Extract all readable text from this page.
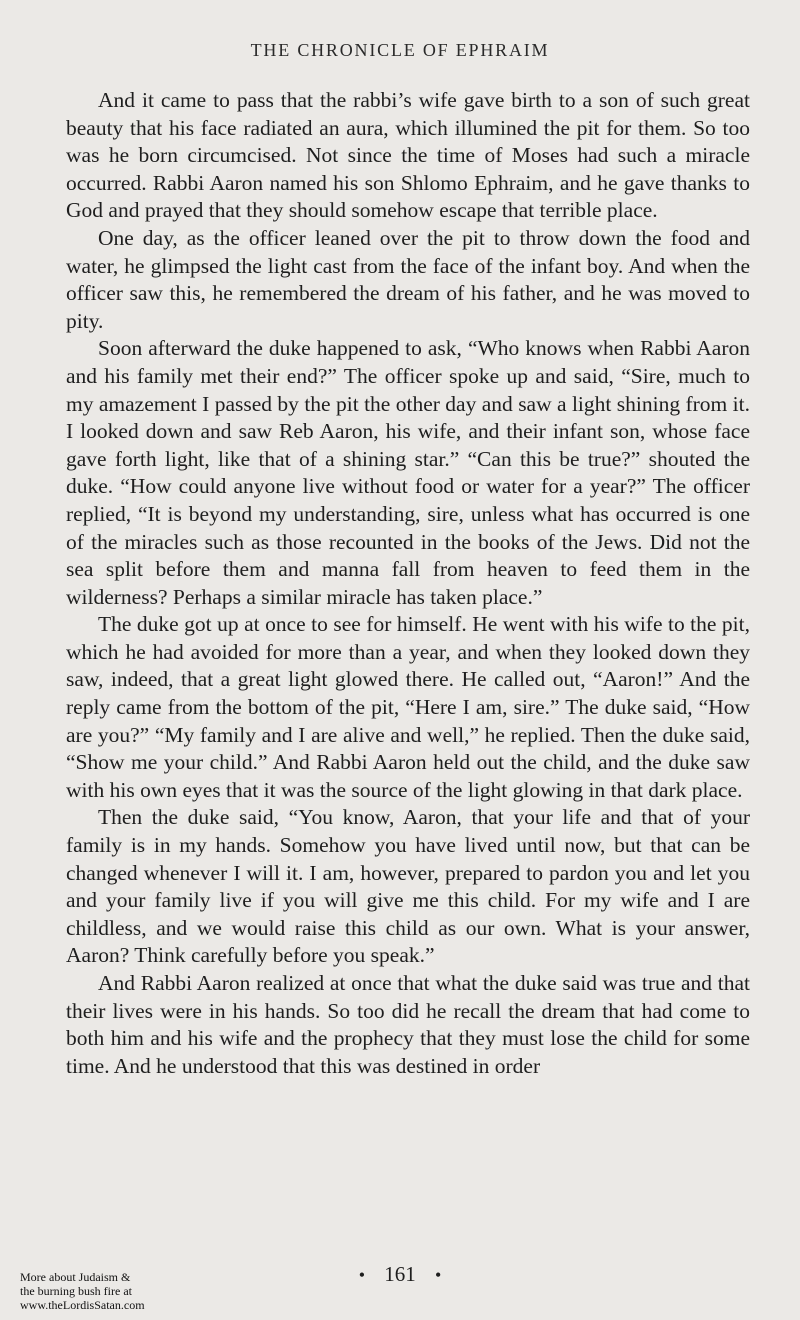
THE CHRONICLE OF EPHRAIM

And it came to pass that the rabbi’s wife gave birth to a son of such great beauty that his face radiated an aura, which illumined the pit for them. So too was he born circumcised. Not since the time of Moses had such a miracle occurred. Rabbi Aaron named his son Shlomo Ephraim, and he gave thanks to God and prayed that they should somehow escape that terrible place.

One day, as the officer leaned over the pit to throw down the food and water, he glimpsed the light cast from the face of the infant boy. And when the officer saw this, he remembered the dream of his father, and he was moved to pity.

Soon afterward the duke happened to ask, “Who knows when Rabbi Aaron and his family met their end?” The officer spoke up and said, “Sire, much to my amazement I passed by the pit the other day and saw a light shining from it. I looked down and saw Reb Aaron, his wife, and their infant son, whose face gave forth light, like that of a shining star.” “Can this be true?” shouted the duke. “How could anyone live without food or water for a year?” The officer replied, “It is beyond my understanding, sire, unless what has occurred is one of the miracles such as those recounted in the books of the Jews. Did not the sea split before them and manna fall from heaven to feed them in the wilderness? Perhaps a similar miracle has taken place.”

The duke got up at once to see for himself. He went with his wife to the pit, which he had avoided for more than a year, and when they looked down they saw, indeed, that a great light glowed there. He called out, “Aaron!” And the reply came from the bottom of the pit, “Here I am, sire.” The duke said, “How are you?” “My family and I are alive and well,” he replied. Then the duke said, “Show me your child.” And Rabbi Aaron held out the child, and the duke saw with his own eyes that it was the source of the light glowing in that dark place.

Then the duke said, “You know, Aaron, that your life and that of your family is in my hands. Somehow you have lived until now, but that can be changed whenever I will it. I am, however, prepared to pardon you and let you and your family live if you will give me this child. For my wife and I are childless, and we would raise this child as our own. What is your answer, Aaron? Think carefully before you speak.”

And Rabbi Aaron realized at once that what the duke said was true and that their lives were in his hands. So too did he recall the dream that had come to both him and his wife and the prophecy that they must lose the child for some time. And he understood that this was destined in order

• 161 •
More about Judaism &
the burning bush fire at
www.theLordisSatan.com
